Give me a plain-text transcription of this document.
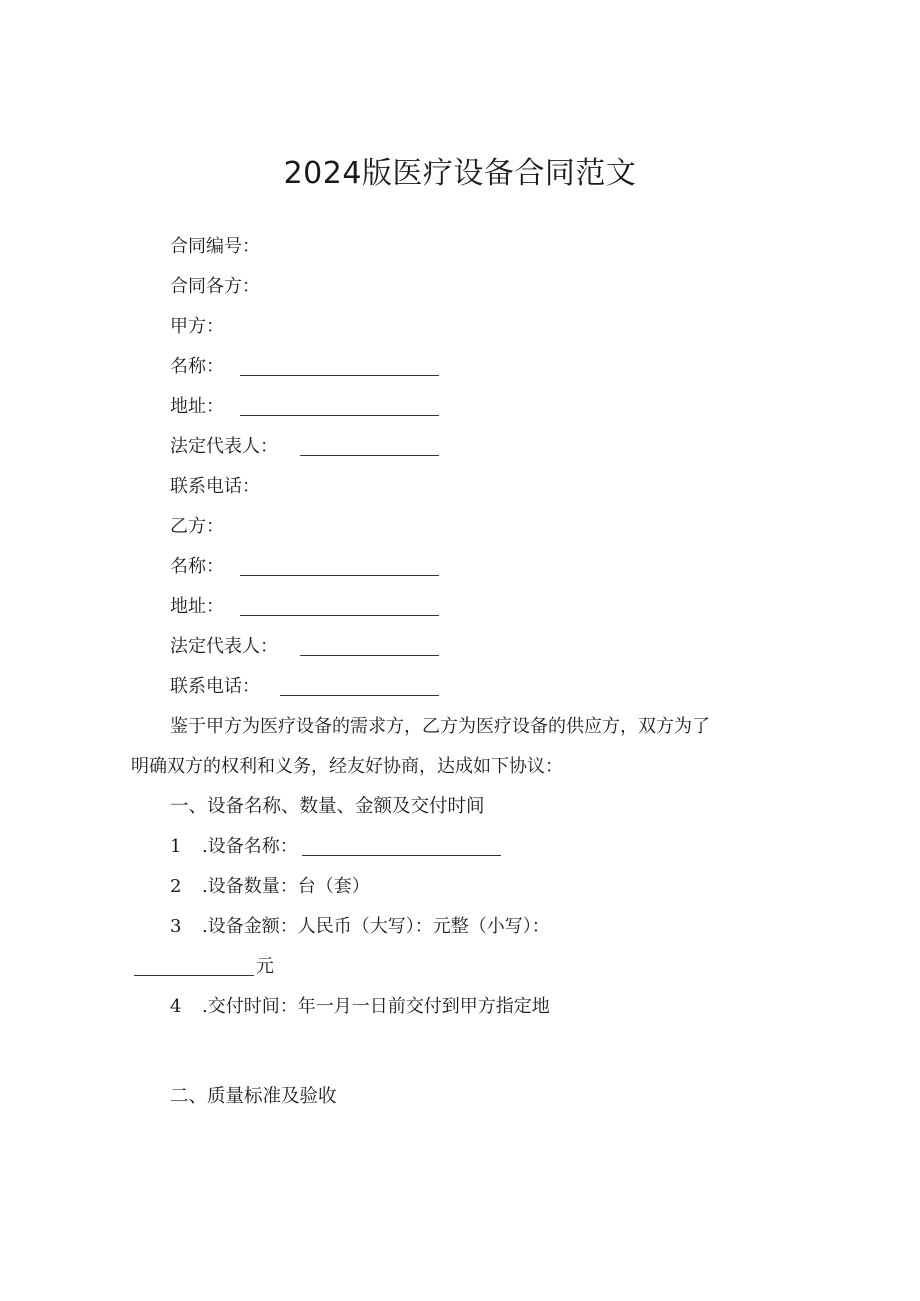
2024版医疗设备合同范文
合同编号：
合同各方：
甲方：
名称：
地址：
法定代表人：
联系电话：
乙方：
名称：
地址：
法定代表人：
联系电话：
鉴于甲方为医疗设备的需求方，乙方为医疗设备的供应方，双方为了
明确双方的权利和义务，经友好协商，达成如下协议：
一、设备名称、数量、金额及交付时间
1 .设备名称：
2 .设备数量：台（套）
3 .设备金额：人民币（大写）：元整（小写）：
元
4 .交付时间：年一月一日前交付到甲方指定地
二、质量标准及验收
